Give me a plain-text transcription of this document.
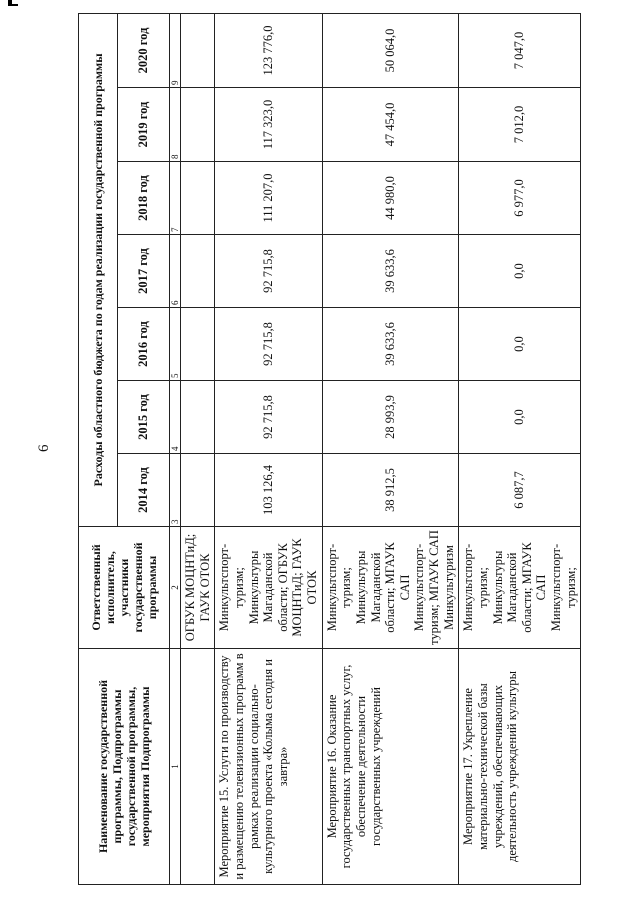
6
Наименование государственной программы, Подпрограммы государственной программы, мероприятия Подпрограммы	Ответственный исполнитель, участники государственной программы	Расходы областного бюджета по годам реализации государственной программы						
		2014 год	2015 год	2016 год	2017 год	2018 год	2019 год	2020 год
1	2	3	4	5	6	7	8	9
	ОГБУК МОЦНТиД; ГАУК ОТОК							
Мероприятие 15. Услуги по производству и размещению телевизионных программ в рамках реализации социально-культурного проекта «Колыма сегодня и завтра»	Минкультспорт-туризм; Минкультуры Магаданской области; ОГБУК МОЦНТиД; ГАУК ОТОК	103 126,4	92 715,8	92 715,8	92 715,8	111 207,0	117 323,0	123 776,0
Мероприятие 16. Оказание государственных транспортных услуг, обеспечение деятельности государственных учреждений	Минкультспорт-туризм; Минкультуры Магаданской области; МГАУК САП Минкультспорт-туризм; МГАУК САП Минкультуризм	38 912,5	28 993,9	39 633,6	39 633,6	44 980,0	47 454,0	50 064,0
Мероприятие 17. Укрепление материально-технической базы учреждений, обеспечивающих деятельность учреждений культуры	Минкультспорт-туризм; Минкультуры Магаданской области; МГАУК САП Минкультспорт-туризм;	6 087,7	0,0	0,0	0,0	6 977,0	7 012,0	7 047,0
